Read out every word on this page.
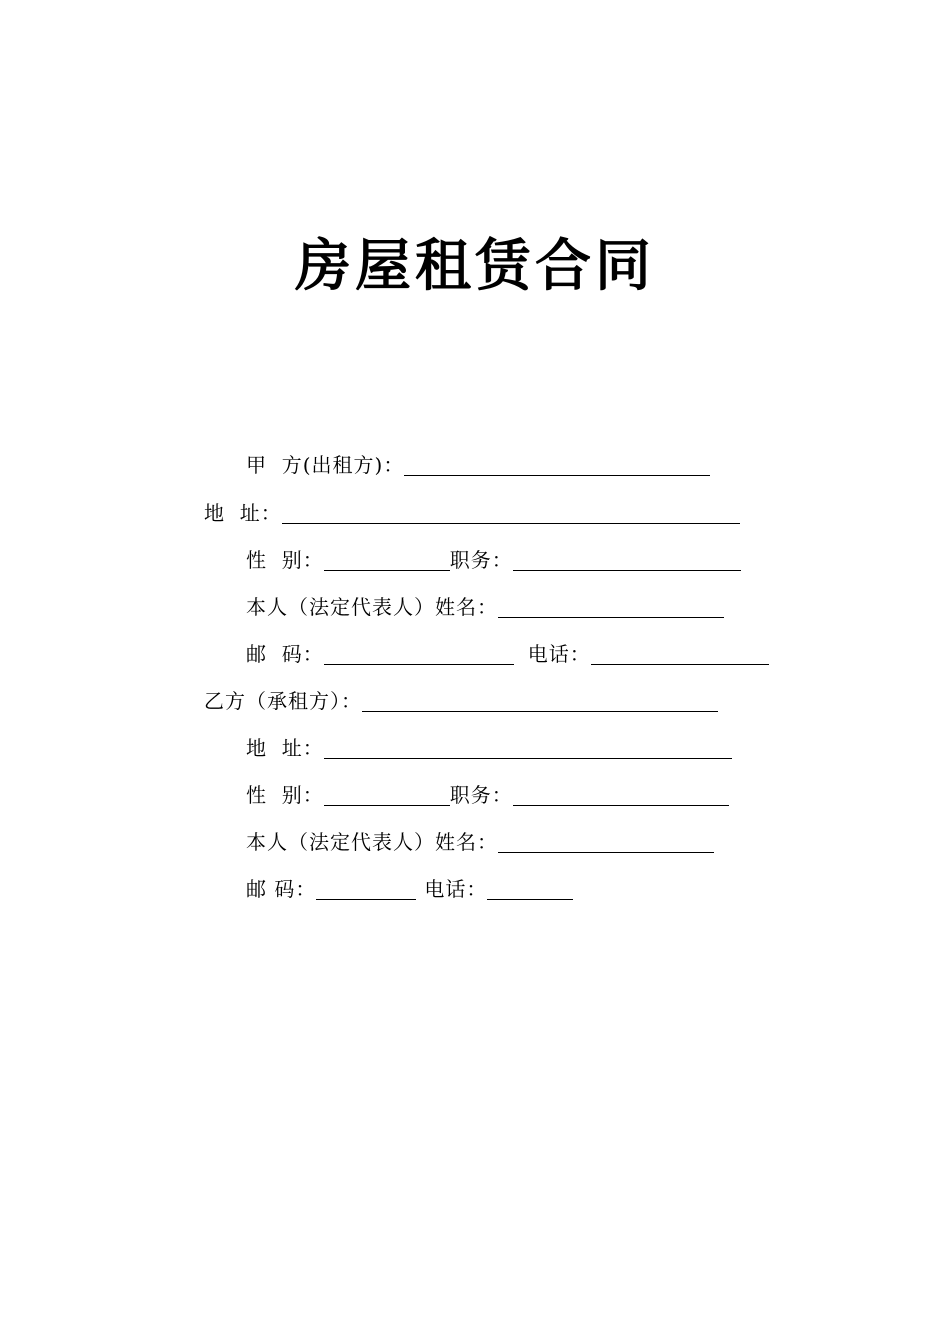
房屋租赁合同
甲  方(出租方)：
地  址：
性  别：	职务：
本人（法定代表人）姓名：
邮  码：	电话：
乙方（承租方）：
地  址：
性  别：	职务：
本人（法定代表人）姓名：
邮 码：	电话：
